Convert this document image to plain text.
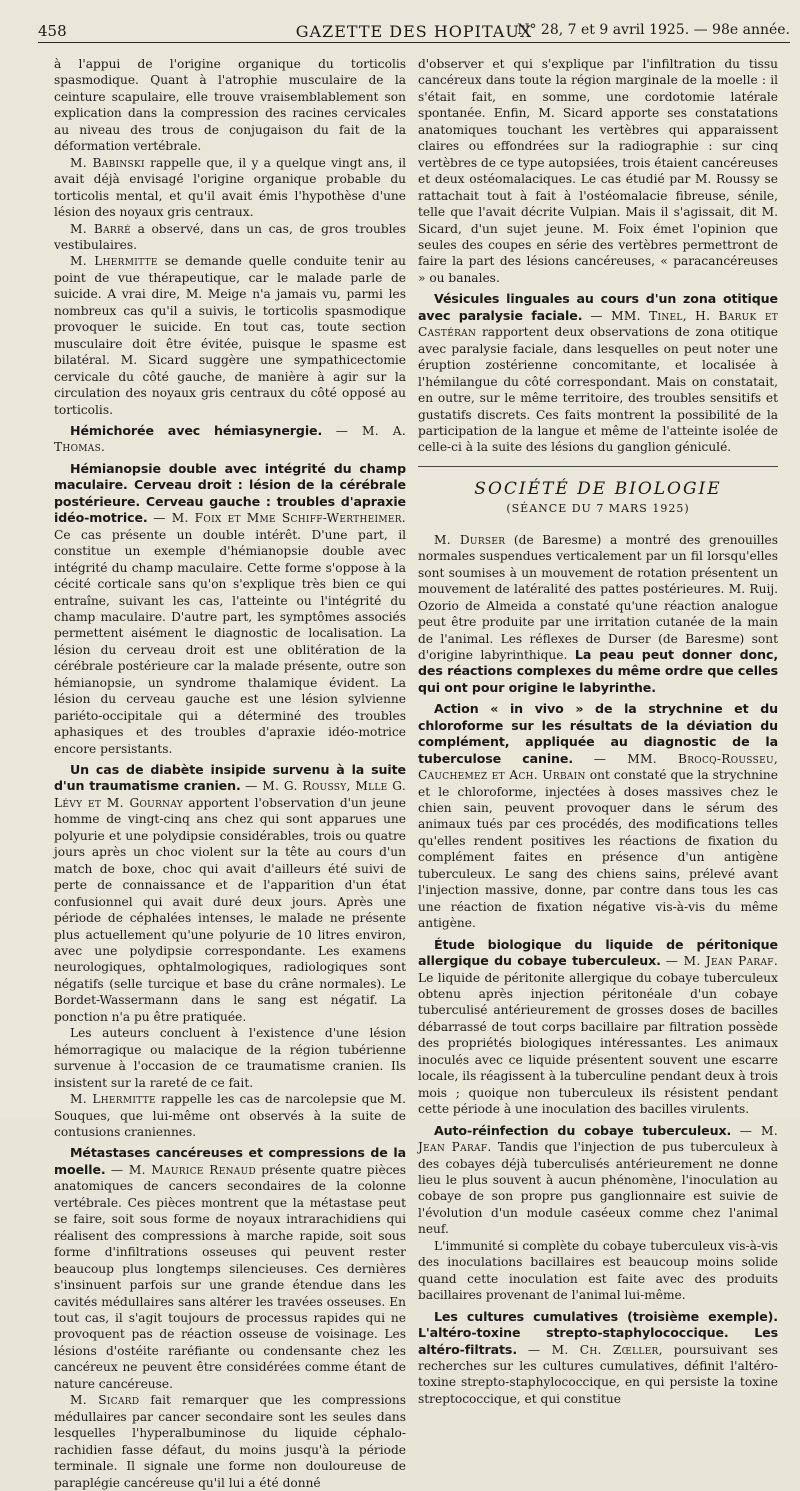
458	GAZETTE DES HOPITAUX
N° 28, 7 et 9 avril 1925. — 98e année.

à l'appui de l'origine organique du torticolis spasmodique. Quant à l'atrophie musculaire de la ceinture scapulaire, elle trouve vraisemblablement son explication dans la compression des racines cervicales au niveau des trous de conjugaison du fait de la déformation vertébrale.

M. Babinski rappelle que, il y a quelque vingt ans, il avait déjà envisagé l'origine organique probable du torticolis mental, et qu'il avait émis l'hypothèse d'une lésion des noyaux gris centraux.

M. Barré a observé, dans un cas, de gros troubles vestibulaires.

M. Lhermitte se demande quelle conduite tenir au point de vue thérapeutique, car le malade parle de suicide. A vrai dire, M. Meige n'a jamais vu, parmi les nombreux cas qu'il a suivis, le torticolis spasmodique provoquer le suicide. En tout cas, toute section musculaire doit être évitée, puisque le spasme est bilatéral. M. Sicard suggère une sympathicectomie cervicale du côté gauche, de manière à agir sur la circulation des noyaux gris centraux du côté opposé au torticolis.

Hémichorée avec hémiasynergie. — M. A. Thomas.

Hémianopsie double avec intégrité du champ maculaire. Cerveau droit : lésion de la cérébrale postérieure. Cerveau gauche : troubles d'apraxie idéo-motrice. — M. Foix et Mme Schiff-Wertheimer. Ce cas présente un double intérêt. D'une part, il constitue un exemple d'hémianopsie double avec intégrité du champ maculaire. Cette forme s'oppose à la cécité corticale sans qu'on s'explique très bien ce qui entraîne, suivant les cas, l'atteinte ou l'intégrité du champ maculaire. D'autre part, les symptômes associés permettent aisément le diagnostic de localisation. La lésion du cerveau droit est une oblitération de la cérébrale postérieure car la malade présente, outre son hémianopsie, un syndrome thalamique évident. La lésion du cerveau gauche est une lésion sylvienne pariéto-occipitale qui a déterminé des troubles aphasiques et des troubles d'apraxie idéo-motrice encore persistants.

Un cas de diabète insipide survenu à la suite d'un traumatisme cranien. — M. G. Roussy, Mlle G. Lévy et M. Gournay apportent l'observation d'un jeune homme de vingt-cinq ans chez qui sont apparues une polyurie et une polydipsie considérables, trois ou quatre jours après un choc violent sur la tête au cours d'un match de boxe, choc qui avait d'ailleurs été suivi de perte de connaissance et de l'apparition d'un état confusionnel qui avait duré deux jours. Après une période de céphalées intenses, le malade ne présente plus actuellement qu'une polyurie de 10 litres environ, avec une polydipsie correspondante. Les examens neurologiques, ophtalmologiques, radiologiques sont négatifs (selle turcique et base du crâne normales). Le Bordet-Wassermann dans le sang est négatif. La ponction n'a pu être pratiquée.

Les auteurs concluent à l'existence d'une lésion hémorragique ou malacique de la région tubérienne survenue à l'occasion de ce traumatisme cranien. Ils insistent sur la rareté de ce fait.

M. Lhermitte rappelle les cas de narcolepsie que M. Souques, que lui-même ont observés à la suite de contusions craniennes.

Métastases cancéreuses et compressions de la moelle. — M. Maurice Renaud présente quatre pièces anatomiques de cancers secondaires de la colonne vertébrale. Ces pièces montrent que la métastase peut se faire, soit sous forme de noyaux intrarachidiens qui réalisent des compressions à marche rapide, soit sous forme d'infiltrations osseuses qui peuvent rester beaucoup plus longtemps silencieuses. Ces dernières s'insinuent parfois sur une grande étendue dans les cavités médullaires sans altérer les travées osseuses. En tout cas, il s'agit toujours de processus rapides qui ne provoquent pas de réaction osseuse de voisinage. Les lésions d'ostéite raréfiante ou condensante chez les cancéreux ne peuvent être considérées comme étant de nature cancéreuse.

M. Sicard fait remarquer que les compressions médullaires par cancer secondaire sont les seules dans lesquelles l'hyperalbuminose du liquide céphalo-rachidien fasse défaut, du moins jusqu'à la période terminale. Il signale une forme non douloureuse de paraplégie cancéreuse qu'il lui a été donné

d'observer et qui s'explique par l'infiltration du tissu cancéreux dans toute la région marginale de la moelle : il s'était fait, en somme, une cordotomie latérale spontanée. Enfin, M. Sicard apporte ses constatations anatomiques touchant les vertèbres qui apparaissent claires ou effondrées sur la radiographie : sur cinq vertèbres de ce type autopsiées, trois étaient cancéreuses et deux ostéomalaciques. Le cas étudié par M. Roussy se rattachait tout à fait à l'ostéomalacie fibreuse, sénile, telle que l'avait décrite Vulpian. Mais il s'agissait, dit M. Sicard, d'un sujet jeune. M. Foix émet l'opinion que seules des coupes en série des vertèbres permettront de faire la part des lésions cancéreuses, « paracancéreuses » ou banales.

Vésicules linguales au cours d'un zona otitique avec paralysie faciale. — MM. Tinel, H. Baruk et Castéran rapportent deux observations de zona otitique avec paralysie faciale, dans lesquelles on peut noter une éruption zostérienne concomitante, et localisée à l'hémilangue du côté correspondant. Mais on constatait, en outre, sur le même territoire, des troubles sensitifs et gustatifs discrets. Ces faits montrent la possibilité de la participation de la langue et même de l'atteinte isolée de celle-ci à la suite des lésions du ganglion géniculé.

SOCIÉTÉ DE BIOLOGIE
(SÉANCE DU 7 MARS 1925)

M. Durser (de Baresme) a montré des grenouilles normales suspendues verticalement par un fil lorsqu'elles sont soumises à un mouvement de rotation présentent un mouvement de latéralité des pattes postérieures. M. Ruij. Ozorio de Almeida a constaté qu'une réaction analogue peut être produite par une irritation cutanée de la main de l'animal. Les réflexes de Durser (de Baresme) sont d'origine labyrinthique. La peau peut donner donc, des réactions complexes du même ordre que celles qui ont pour origine le labyrinthe.

Action « in vivo » de la strychnine et du chloroforme sur les résultats de la déviation du complément, appliquée au diagnostic de la tuberculose canine. — MM. Brocq-Rousseu, Cauchemez et Ach. Urbain ont constaté que la strychnine et le chloroforme, injectées à doses massives chez le chien sain, peuvent provoquer dans le sérum des animaux tués par ces procédés, des modifications telles qu'elles rendent positives les réactions de fixation du complément faites en présence d'un antigène tuberculeux. Le sang des chiens sains, prélevé avant l'injection massive, donne, par contre dans tous les cas une réaction de fixation négative vis-à-vis du même antigène.

Étude biologique du liquide de péritonique allergique du cobaye tuberculeux. — M. Jean Paraf. Le liquide de péritonite allergique du cobaye tuberculeux obtenu après injection péritonéale d'un cobaye tuberculisé antérieurement de grosses doses de bacilles débarrassé de tout corps bacillaire par filtration possède des propriétés biologiques intéressantes. Les animaux inoculés avec ce liquide présentent souvent une escarre locale, ils réagissent à la tuberculine pendant deux à trois mois ; quoique non tuberculeux ils résistent pendant cette période à une inoculation des bacilles virulents.

Auto-réinfection du cobaye tuberculeux. — M. Jean Paraf. Tandis que l'injection de pus tuberculeux à des cobayes déjà tuberculisés antérieurement ne donne lieu le plus souvent à aucun phénomène, l'inoculation au cobaye de son propre pus ganglionnaire est suivie de l'évolution d'un module caséeux comme chez l'animal neuf.

L'immunité si complète du cobaye tuberculeux vis-à-vis des inoculations bacillaires est beaucoup moins solide quand cette inoculation est faite avec des produits bacillaires provenant de l'animal lui-même.

Les cultures cumulatives (troisième exemple). L'altéro-toxine strepto-staphylococcique. Les altéro-filtrats. — M. Ch. Zœller, poursuivant ses recherches sur les cultures cumulatives, définit l'altéro-toxine strepto-staphylococcique, en qui persiste la toxine streptococcique, et qui constitue
